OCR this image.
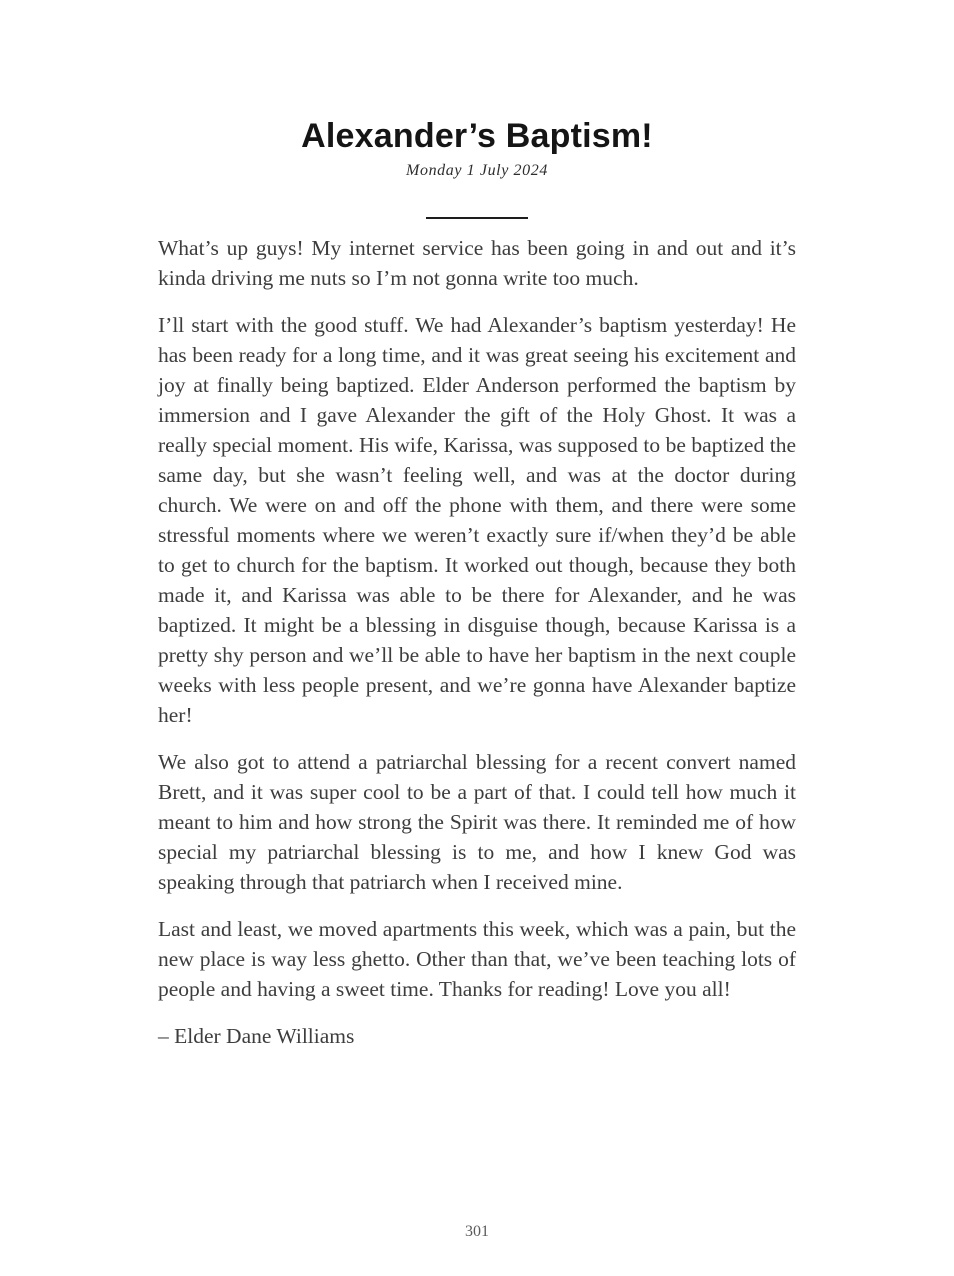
Alexander’s Baptism!
Monday 1 July 2024

What’s up guys! My internet service has been going in and out and it’s kinda driving me nuts so I’m not gonna write too much.

I’ll start with the good stuff. We had Alexander’s baptism yesterday! He has been ready for a long time, and it was great seeing his excitement and joy at finally being baptized. Elder Anderson performed the baptism by immersion and I gave Alexander the gift of the Holy Ghost. It was a really special moment. His wife, Karissa, was supposed to be baptized the same day, but she wasn’t feeling well, and was at the doctor during church. We were on and off the phone with them, and there were some stressful moments where we weren’t exactly sure if/when they’d be able to get to church for the baptism. It worked out though, because they both made it, and Karissa was able to be there for Alexander, and he was baptized. It might be a blessing in disguise though, because Karissa is a pretty shy person and we’ll be able to have her baptism in the next couple weeks with less people present, and we’re gonna have Alexander baptize her!

We also got to attend a patriarchal blessing for a recent convert named Brett, and it was super cool to be a part of that. I could tell how much it meant to him and how strong the Spirit was there. It reminded me of how special my patriarchal blessing is to me, and how I knew God was speaking through that patriarch when I received mine.

Last and least, we moved apartments this week, which was a pain, but the new place is way less ghetto. Other than that, we’ve been teaching lots of people and having a sweet time. Thanks for reading! Love you all!

– Elder Dane Williams

301
